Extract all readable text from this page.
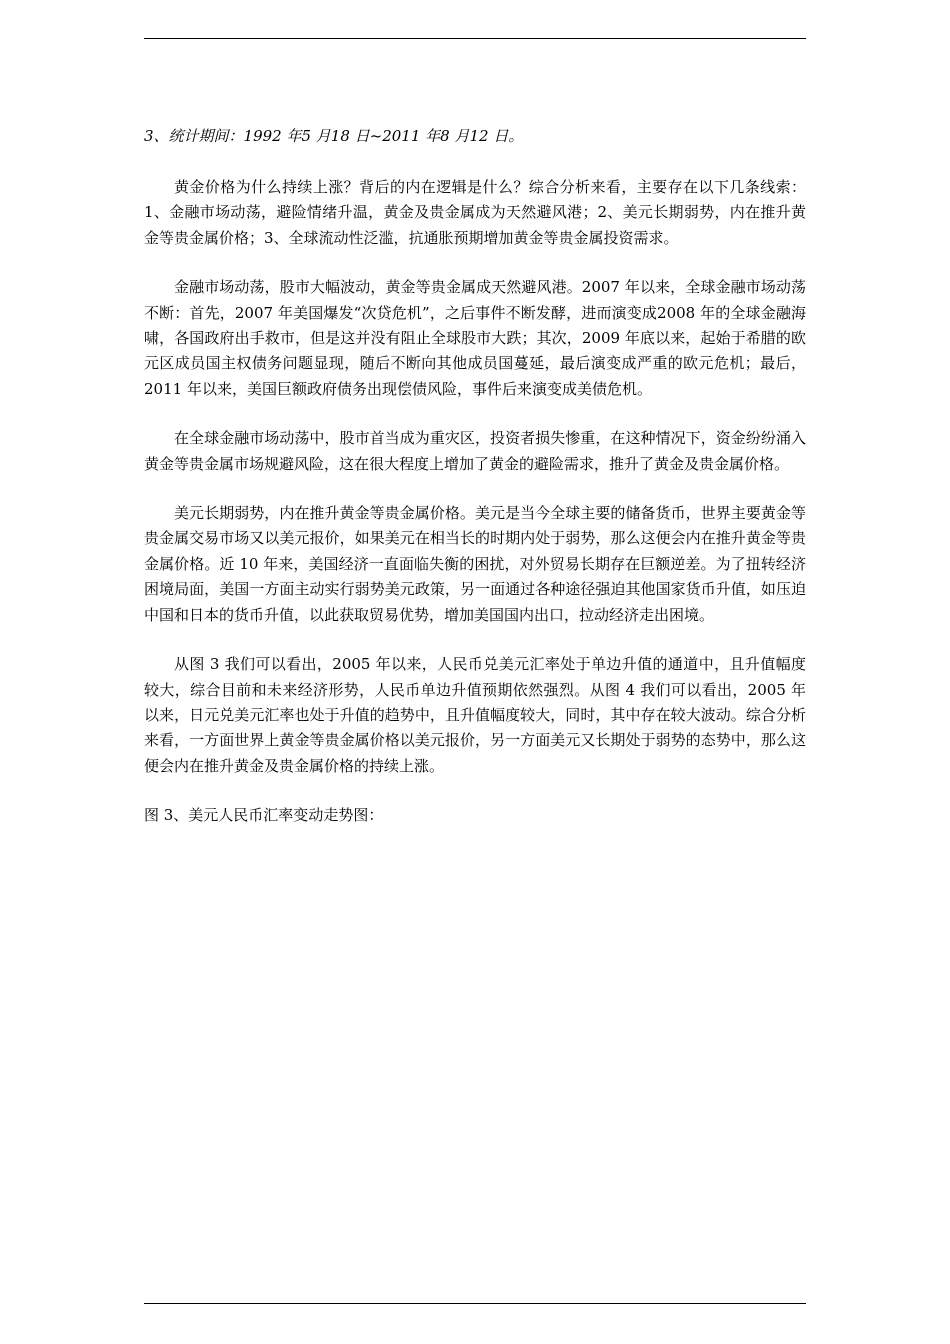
3、统计期间：1992 年5 月18 日~2011 年8 月12 日。

黄金价格为什么持续上涨？背后的内在逻辑是什么？综合分析来看，主要存在以下几条线索：1、金融市场动荡，避险情绪升温，黄金及贵金属成为天然避风港；2、美元长期弱势，内在推升黄金等贵金属价格；3、全球流动性泛滥，抗通胀预期增加黄金等贵金属投资需求。

金融市场动荡，股市大幅波动，黄金等贵金属成天然避风港。2007 年以来，全球金融市场动荡不断：首先，2007 年美国爆发“次贷危机”，之后事件不断发酵，进而演变成2008 年的全球金融海啸，各国政府出手救市，但是这并没有阻止全球股市大跌；其次，2009 年底以来，起始于希腊的欧元区成员国主权债务问题显现，随后不断向其他成员国蔓延，最后演变成严重的欧元危机；最后，2011 年以来，美国巨额政府债务出现偿债风险，事件后来演变成美债危机。

在全球金融市场动荡中，股市首当成为重灾区，投资者损失惨重，在这种情况下，资金纷纷涌入黄金等贵金属市场规避风险，这在很大程度上增加了黄金的避险需求，推升了黄金及贵金属价格。

美元长期弱势，内在推升黄金等贵金属价格。美元是当今全球主要的储备货币，世界主要黄金等贵金属交易市场又以美元报价，如果美元在相当长的时期内处于弱势，那么这便会内在推升黄金等贵金属价格。近 10 年来，美国经济一直面临失衡的困扰，对外贸易长期存在巨额逆差。为了扭转经济困境局面，美国一方面主动实行弱势美元政策，另一面通过各种途径强迫其他国家货币升值，如压迫中国和日本的货币升值，以此获取贸易优势，增加美国国内出口，拉动经济走出困境。

从图 3 我们可以看出，2005 年以来，人民币兑美元汇率处于单边升值的通道中，且升值幅度较大，综合目前和未来经济形势，人民币单边升值预期依然强烈。从图 4 我们可以看出，2005 年以来，日元兑美元汇率也处于升值的趋势中，且升值幅度较大，同时，其中存在较大波动。综合分析来看，一方面世界上黄金等贵金属价格以美元报价，另一方面美元又长期处于弱势的态势中，那么这便会内在推升黄金及贵金属价格的持续上涨。

图 3、美元人民币汇率变动走势图：
